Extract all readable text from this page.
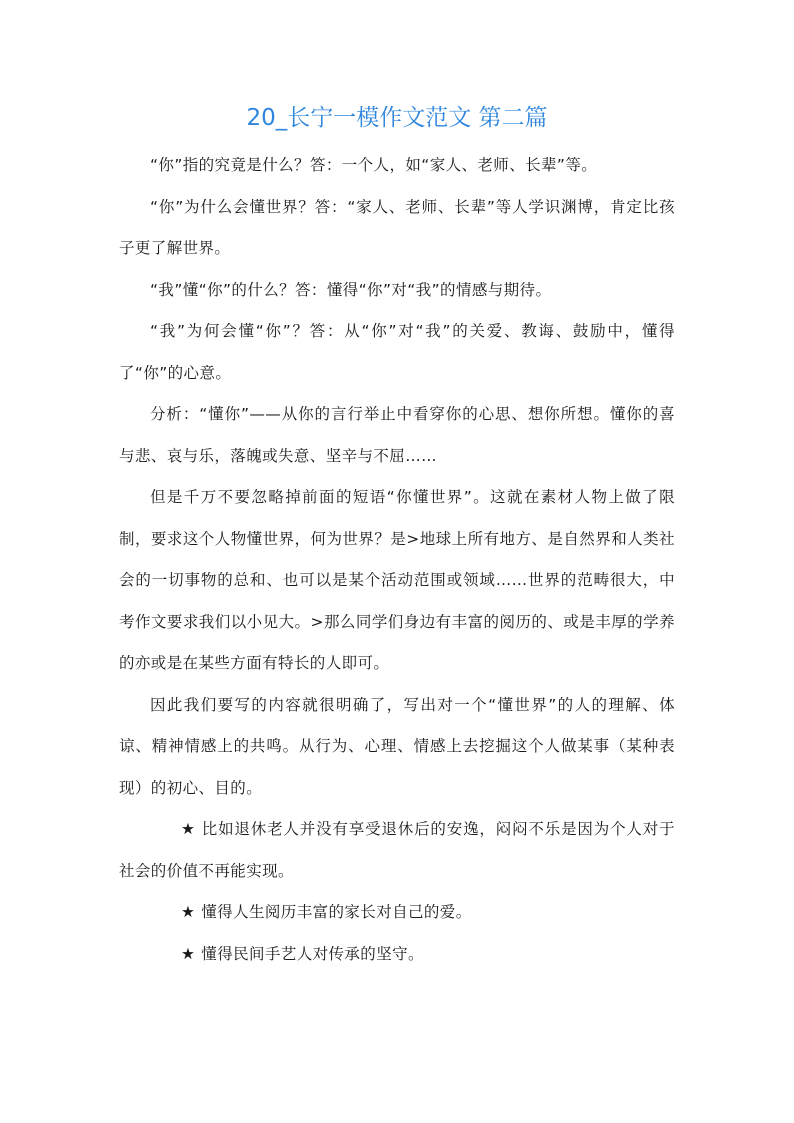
20_长宁一模作文范文 第二篇

“你”指的究竟是什么？答：一个人，如“家人、老师、长辈”等。

“你”为什么会懂世界？答：“家人、老师、长辈”等人学识渊博，肯定比孩子更了解世界。

“我”懂“你”的什么？答：懂得“你”对“我”的情感与期待。

“我”为何会懂“你”？答：从“你”对“我”的关爱、教诲、鼓励中，懂得了“你”的心意。

分析：“懂你”——从你的言行举止中看穿你的心思、想你所想。懂你的喜与悲、哀与乐，落魄或失意、坚辛与不屈……

但是千万不要忽略掉前面的短语“你懂世界”。这就在素材人物上做了限制，要求这个人物懂世界，何为世界？是>地球上所有地方、是自然界和人类社会的一切事物的总和、也可以是某个活动范围或领域……世界的范畴很大，中考作文要求我们以小见大。>那么同学们身边有丰富的阅历的、或是丰厚的学养的亦或是在某些方面有特长的人即可。

因此我们要写的内容就很明确了，写出对一个“懂世界”的人的理解、体谅、精神情感上的共鸣。从行为、心理、情感上去挖掘这个人做某事（某种表现）的初心、目的。

★ 比如退休老人并没有享受退休后的安逸，闷闷不乐是因为个人对于社会的价值不再能实现。

★ 懂得人生阅历丰富的家长对自己的爱。

★ 懂得民间手艺人对传承的坚守。
